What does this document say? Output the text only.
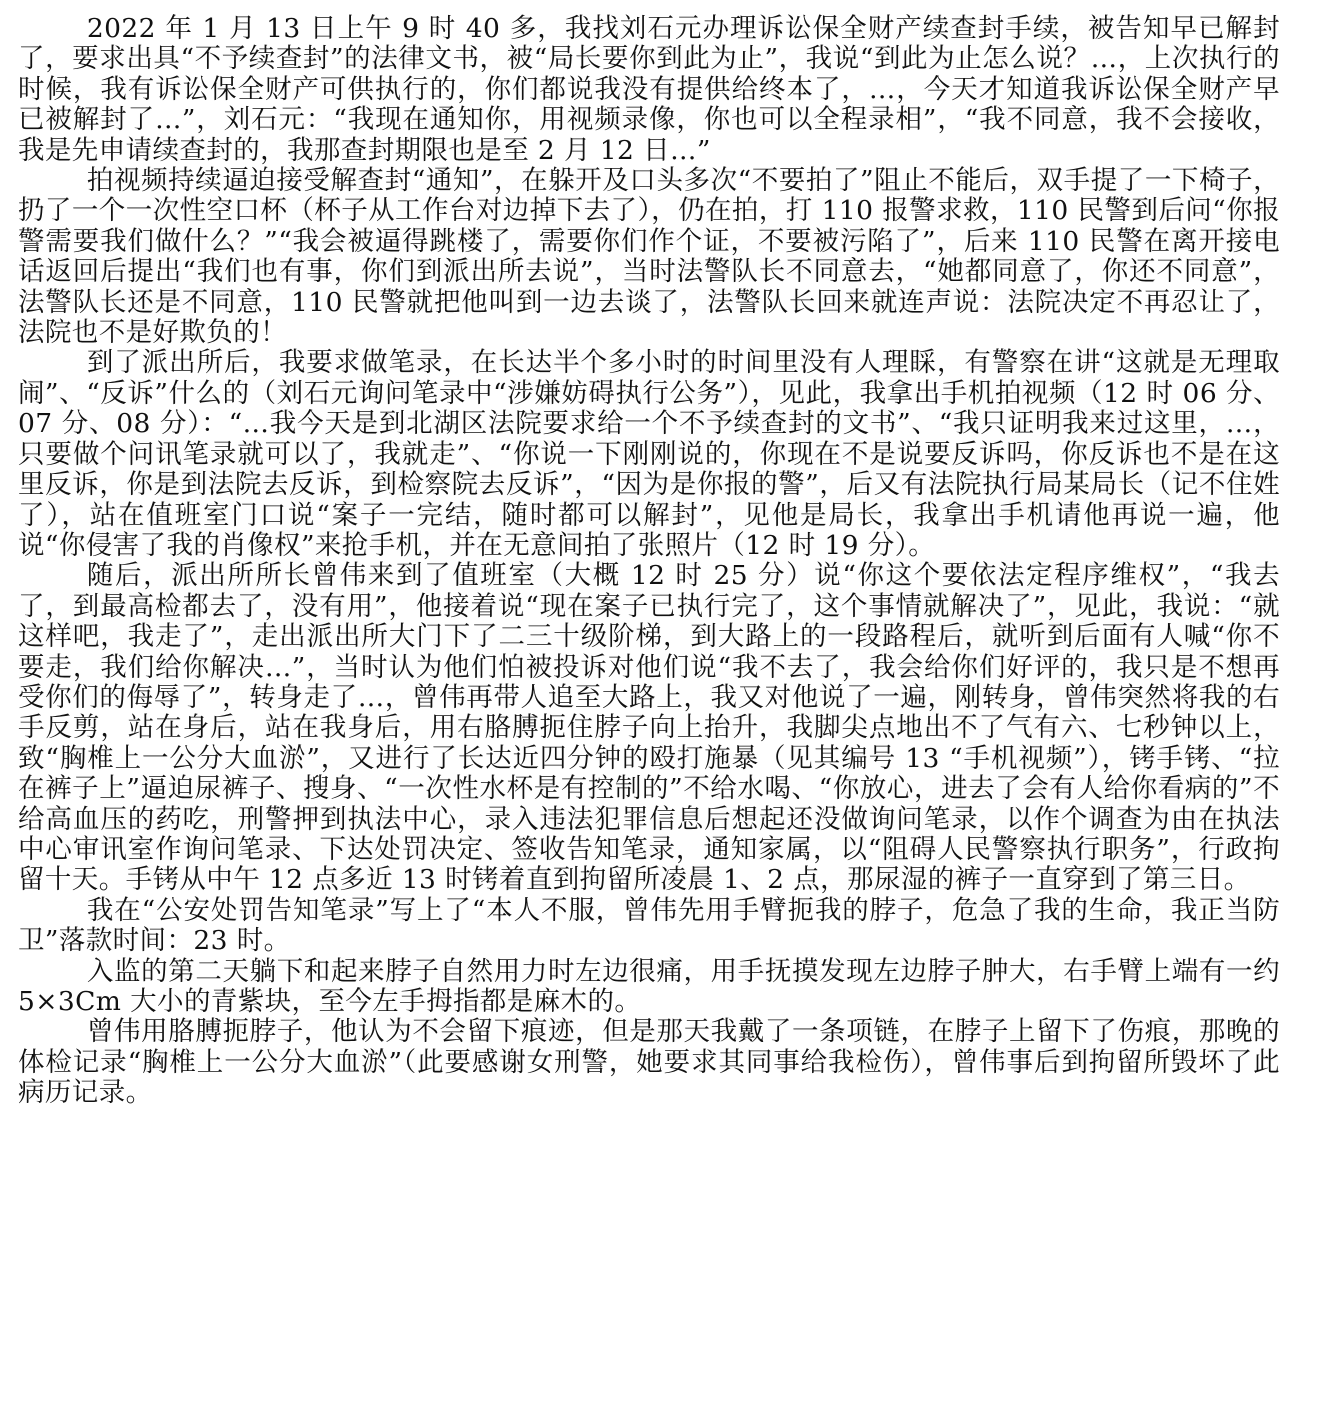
2022 年 1 月 13 日上午 9 时 40 多，我找刘石元办理诉讼保全财产续查封手续，被告知早已解封了，要求出具“不予续查封”的法律文书，被“局长要你到此为止”，我说“到此为止怎么说？…，上次执行的时候，我有诉讼保全财产可供执行的，你们都说我没有提供给终本了，…，今天才知道我诉讼保全财产早已被解封了…”，刘石元：“我现在通知你，用视频录像，你也可以全程录相”，“我不同意，我不会接收，我是先申请续查封的，我那查封期限也是至 2 月 12 日…”

拍视频持续逼迫接受解查封“通知”，在躲开及口头多次“不要拍了”阻止不能后，双手提了一下椅子，扔了一个一次性空口杯（杯子从工作台对边掉下去了），仍在拍，打 110 报警求救，110 民警到后问“你报警需要我们做什么？”“我会被逼得跳楼了，需要你们作个证，不要被污陷了”，后来 110 民警在离开接电话返回后提出“我们也有事，你们到派出所去说”，当时法警队长不同意去，“她都同意了，你还不同意”，法警队长还是不同意，110 民警就把他叫到一边去谈了，法警队长回来就连声说：法院决定不再忍让了，法院也不是好欺负的！

到了派出所后，我要求做笔录，在长达半个多小时的时间里没有人理睬，有警察在讲“这就是无理取闹”、“反诉”什么的（刘石元询问笔录中“涉嫌妨碍执行公务”），见此，我拿出手机拍视频（12 时 06 分、07 分、08 分）：“…我今天是到北湖区法院要求给一个不予续查封的文书”、“我只证明我来过这里，…，只要做个问讯笔录就可以了，我就走”、“你说一下刚刚说的，你现在不是说要反诉吗，你反诉也不是在这里反诉，你是到法院去反诉，到检察院去反诉”，“因为是你报的警”，后又有法院执行局某局长（记不住姓了），站在值班室门口说“案子一完结，随时都可以解封”，见他是局长，我拿出手机请他再说一遍，他说“你侵害了我的肖像权”来抢手机，并在无意间拍了张照片（12 时 19 分）。

随后，派出所所长曾伟来到了值班室（大概 12 时 25 分）说“你这个要依法定程序维权”，“我去了，到最高检都去了，没有用”，他接着说“现在案子已执行完了，这个事情就解决了”，见此，我说：“就这样吧，我走了”，走出派出所大门下了二三十级阶梯，到大路上的一段路程后，就听到后面有人喊“你不要走，我们给你解决…”，当时认为他们怕被投诉对他们说“我不去了，我会给你们好评的，我只是不想再受你们的侮辱了”，转身走了…，曾伟再带人追至大路上，我又对他说了一遍，刚转身，曾伟突然将我的右手反剪，站在身后，站在我身后，用右胳膊扼住脖子向上抬升，我脚尖点地出不了气有六、七秒钟以上，致“胸椎上一公分大血淤”，又进行了长达近四分钟的殴打施暴（见其编号 13 “手机视频”），铐手铐、“拉在裤子上”逼迫尿裤子、搜身、“一次性水杯是有控制的”不给水喝、“你放心，进去了会有人给你看病的”不给高血压的药吃，刑警押到执法中心，录入违法犯罪信息后想起还没做询问笔录，以作个调查为由在执法中心审讯室作询问笔录、下达处罚决定、签收告知笔录，通知家属，以“阻碍人民警察执行职务”，行政拘留十天。手铐从中午 12 点多近 13 时铐着直到拘留所凌晨 1、2 点，那尿湿的裤子一直穿到了第三日。

我在“公安处罚告知笔录”写上了“本人不服，曾伟先用手臂扼我的脖子，危急了我的生命，我正当防卫”落款时间：23 时。

入监的第二天躺下和起来脖子自然用力时左边很痛，用手抚摸发现左边脖子肿大，右手臂上端有一约 5×3Cm 大小的青紫块，至今左手拇指都是麻木的。

曾伟用胳膊扼脖子，他认为不会留下痕迹，但是那天我戴了一条项链，在脖子上留下了伤痕，那晚的体检记录“胸椎上一公分大血淤”（此要感谢女刑警，她要求其同事给我检伤），曾伟事后到拘留所毁坏了此病历记录。
